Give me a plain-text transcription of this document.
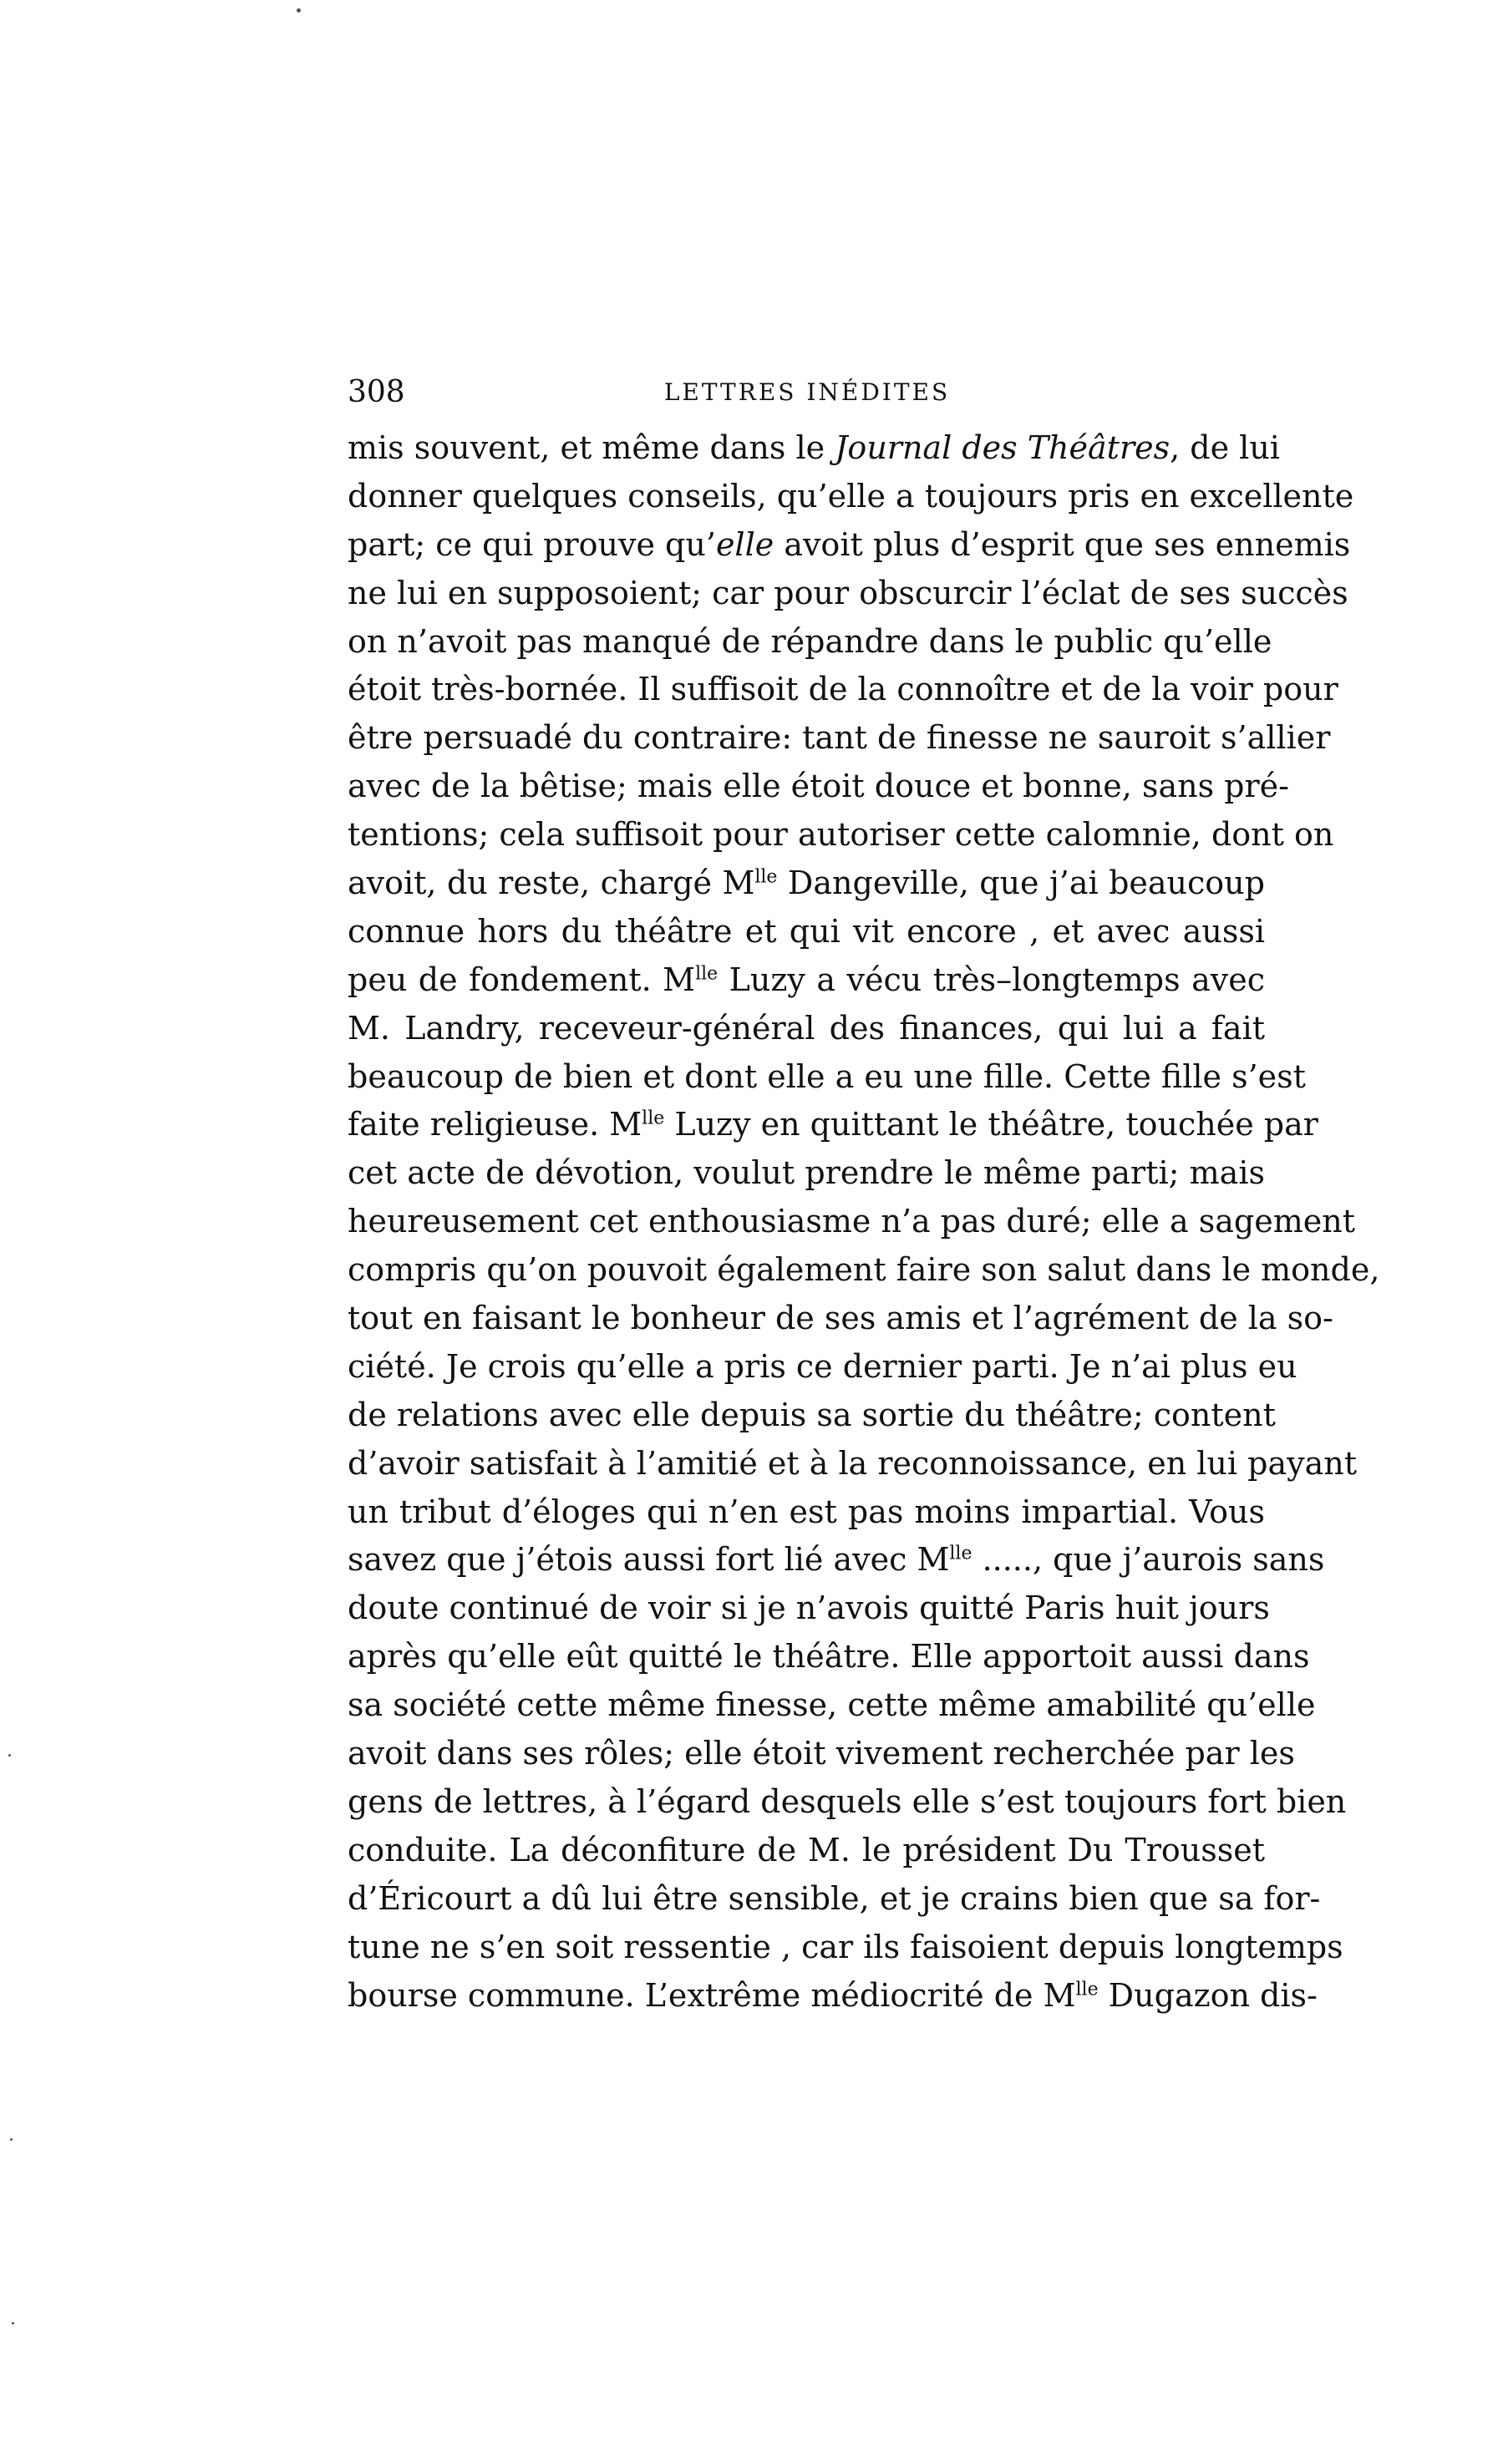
308	LETTRES INÉDITES
mis souvent, et même dans le Journal des Théâtres, de lui
donner quelques conseils, qu’elle a toujours pris en excellente
part; ce qui prouve qu’elle avoit plus d’esprit que ses ennemis
ne lui en supposoient; car pour obscurcir l’éclat de ses succès
on n’avoit pas manqué de répandre dans le public qu’elle
étoit très-bornée. Il suffisoit de la connoître et de la voir pour
être persuadé du contraire: tant de finesse ne sauroit s’allier
avec de la bêtise; mais elle étoit douce et bonne, sans pré-
tentions; cela suffisoit pour autoriser cette calomnie, dont on
avoit, du reste, chargé $M^{lle}$ Dangeville, que j’ai beaucoup
connue hors du théâtre et qui vit encore , et avec aussi
peu de fondement. $M^{lle}$ Luzy a vécu très–longtemps avec
M. Landry, receveur-général des finances, qui lui a fait
beaucoup de bien et dont elle a eu une fille. Cette fille s’est
faite religieuse. $M^{lle}$ Luzy en quittant le théâtre, touchée par
cet acte de dévotion, voulut prendre le même parti; mais
heureusement cet enthousiasme n’a pas duré; elle a sagement
compris qu’on pouvoit également faire son salut dans le monde,
tout en faisant le bonheur de ses amis et l’agrément de la so-
ciété. Je crois qu’elle a pris ce dernier parti. Je n’ai plus eu
de relations avec elle depuis sa sortie du théâtre; content
d’avoir satisfait à l’amitié et à la reconnoissance, en lui payant
un tribut d’éloges qui n’en est pas moins impartial. Vous
savez que j’étois aussi fort lié avec $M^{lle}$ ....., que j’aurois sans
doute continué de voir si je n’avois quitté Paris huit jours
après qu’elle eût quitté le théâtre. Elle apportoit aussi dans
sa société cette même finesse, cette même amabilité qu’elle
avoit dans ses rôles; elle étoit vivement recherchée par les
gens de lettres, à l’égard desquels elle s’est toujours fort bien
conduite. La déconfiture de M. le président Du Trousset
d’Éricourt a dû lui être sensible, et je crains bien que sa for-
tune ne s’en soit ressentie , car ils faisoient depuis longtemps
bourse commune. L’extrême médiocrité de $M^{lle}$ Dugazon dis-
